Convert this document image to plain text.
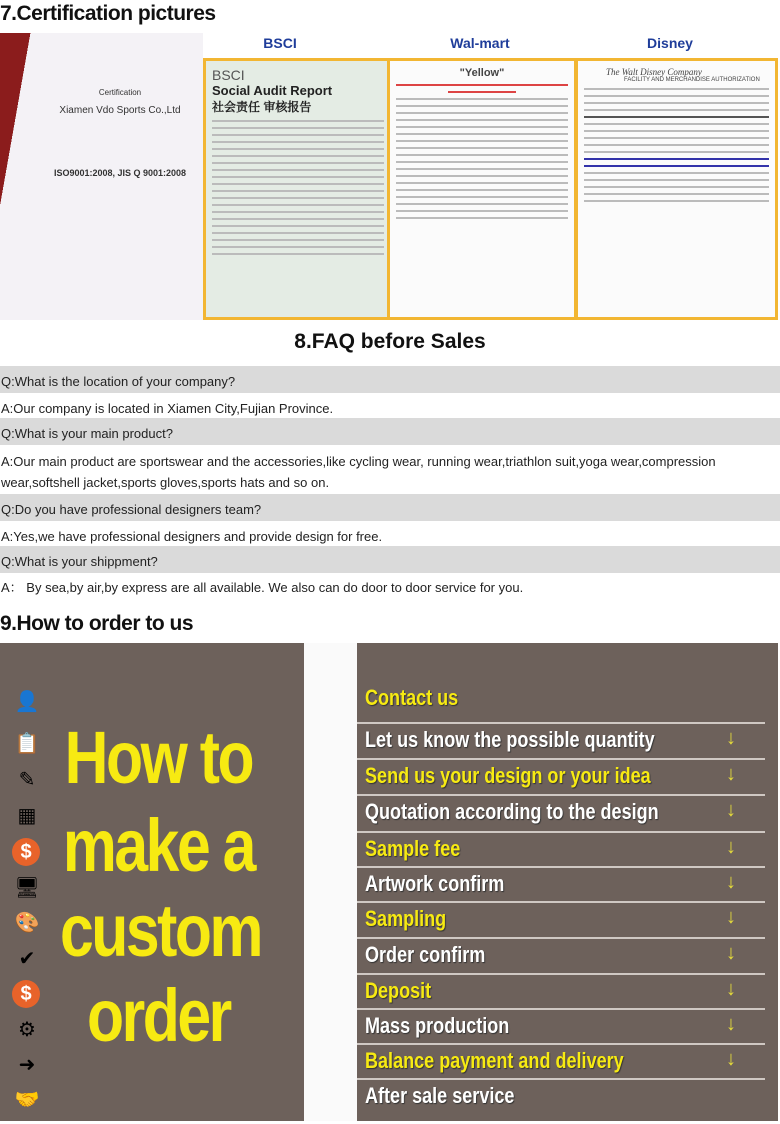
7.Certification pictures
Certification
Xiamen Vdo Sports Co.,Ltd
ISO9001:2008, JIS Q 9001:2008
BSCI	Wal-mart	Disney
BSCI
Social Audit Report
社会责任 审核报告
"Yellow"	The Walt Disney Company
FACILITY AND MERCHANDISE AUTHORIZATION
8.FAQ before Sales
Q:What is the location of your company?
A:Our company is located in Xiamen City,Fujian Province.
Q:What is your main product?
A:Our main product are sportswear and the accessories,like cycling wear, running wear,triathlon suit,yoga wear,compression wear,softshell jacket,sports gloves,sports hats and so on.
Q:Do you have professional designers team?
A:Yes,we have professional designers and provide design for free.
Q:What is your shippment?
A： By sea,by air,by express are all available. We also can do door to door service for you.
9.How to order to us
How to
make a
custom
order
👤	Contact us
📋	Let us know the possible quantity	↓
✎	Send us your design or your idea	↓
▦	Quotation according to the design	↓
$	Sample fee	↓
🖥	Artwork confirm	↓
🎨	Sampling	↓
✔	Order confirm	↓
$	Deposit	↓
⚙	Mass production	↓
➜	Balance payment and delivery	↓
🤝	After sale service
